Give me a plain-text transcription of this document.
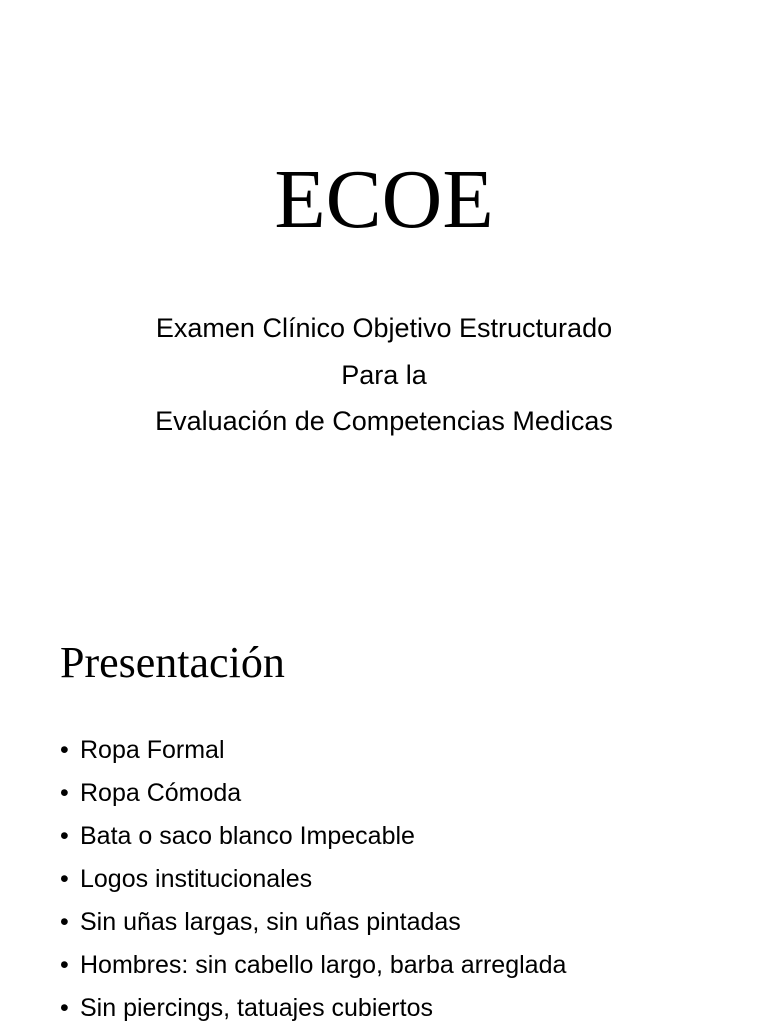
ECOE
Examen Clínico Objetivo Estructurado
Para la
Evaluación de Competencias Medicas
Presentación
• Ropa Formal
• Ropa Cómoda
• Bata o saco blanco Impecable
• Logos institucionales
• Sin uñas largas, sin uñas pintadas
• Hombres: sin cabello largo, barba arreglada
• Sin piercings, tatuajes cubiertos
